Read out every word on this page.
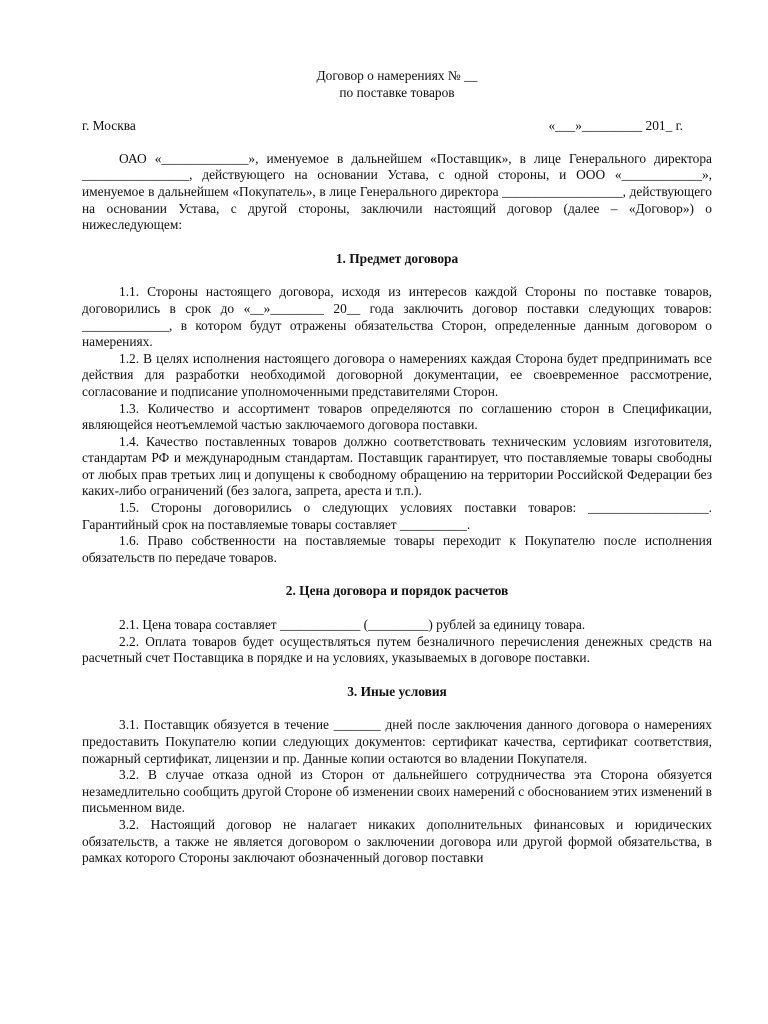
Договор о намерениях № __
по поставке товаров
г. Москва	«___»_________ 201_ г.

ОАО «_____________», именуемое в дальнейшем «Поставщик», в лице Генерального директора ________________, действующего на основании Устава, с одной стороны, и ООО «____________», именуемое в дальнейшем «Покупатель», в лице Генерального директора __________________, действующего на основании Устава, с другой стороны, заключили настоящий договор (далее – «Договор») о нижеследующем:

1. Предмет договора

1.1. Стороны настоящего договора, исходя из интересов каждой Стороны по поставке товаров, договорились в срок до «__»________ 20__ года заключить договор поставки следующих товаров: _____________, в котором будут отражены обязательства Сторон, определенные данным договором о намерениях.

1.2. В целях исполнения настоящего договора о намерениях каждая Сторона будет предпринимать все действия для разработки необходимой договорной документации, ее своевременное рассмотрение, согласование и подписание уполномоченными представителями Сторон.

1.3. Количество и ассортимент товаров определяются по соглашению сторон в Спецификации, являющейся неотъемлемой частью заключаемого договора поставки.

1.4. Качество поставленных товаров должно соответствовать техническим условиям изготовителя, стандартам РФ и международным стандартам. Поставщик гарантирует, что поставляемые товары свободны от любых прав третьих лиц и допущены к свободному обращению на территории Российской Федерации без каких-либо ограничений (без залога, запрета, ареста и т.п.).

1.5. Стороны договорились о следующих условиях поставки товаров: __________________. Гарантийный срок на поставляемые товары составляет __________.

1.6. Право собственности на поставляемые товары переходит к Покупателю после исполнения обязательств по передаче товаров.

2. Цена договора и порядок расчетов

2.1. Цена товара составляет ____________ (_________) рублей за единицу товара.

2.2. Оплата товаров будет осуществляться путем безналичного перечисления денежных средств на расчетный счет Поставщика в порядке и на условиях, указываемых в договоре поставки.

3. Иные условия

3.1. Поставщик обязуется в течение _______ дней после заключения данного договора о намерениях предоставить Покупателю копии следующих документов: сертификат качества, сертификат соответствия, пожарный сертификат, лицензии и пр. Данные копии остаются во владении Покупателя.

3.2. В случае отказа одной из Сторон от дальнейшего сотрудничества эта Сторона обязуется незамедлительно сообщить другой Стороне об изменении своих намерений с обоснованием этих изменений в письменном виде.

3.2. Настоящий договор не налагает никаких дополнительных финансовых и юридических обязательств, а также не является договором о заключении договора или другой формой обязательства, в рамках которого Стороны заключают обозначенный договор поставки
